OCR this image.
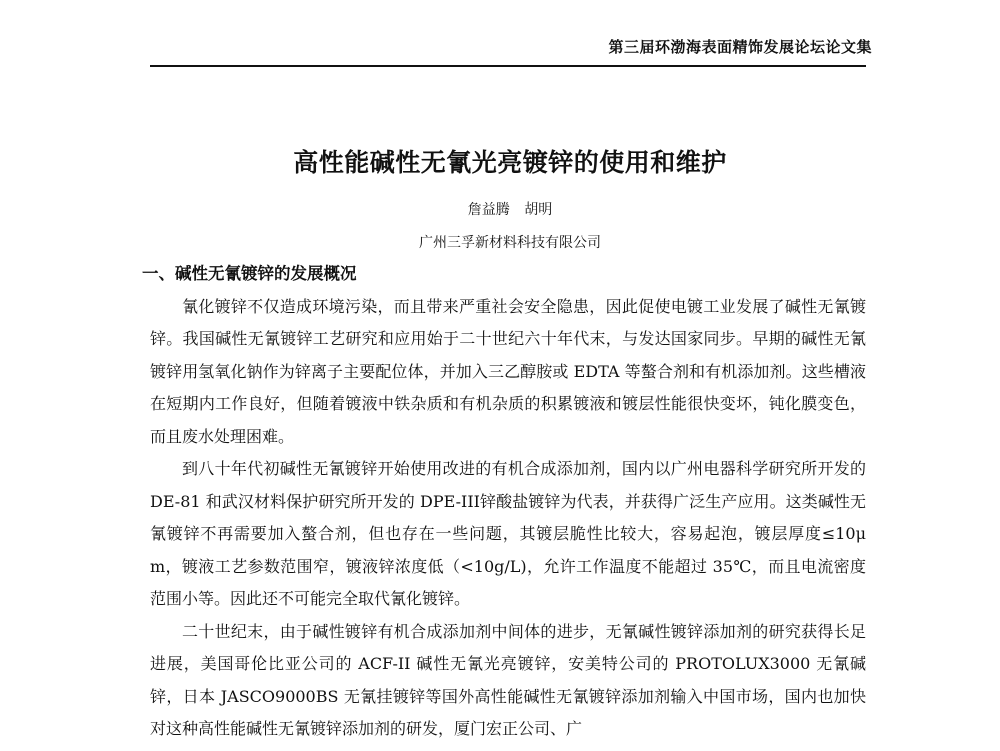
第三届环渤海表面精饰发展论坛论文集
高性能碱性无氰光亮镀锌的使用和维护
詹益腾 胡明
广州三孚新材料科技有限公司
一、碱性无氰镀锌的发展概况

氰化镀锌不仅造成环境污染，而且带来严重社会安全隐患，因此促使电镀工业发展了碱性无氰镀锌。我国碱性无氰镀锌工艺研究和应用始于二十世纪六十年代末，与发达国家同步。早期的碱性无氰镀锌用氢氧化钠作为锌离子主要配位体，并加入三乙醇胺或 EDTA 等螯合剂和有机添加剂。这些槽液在短期内工作良好，但随着镀液中铁杂质和有机杂质的积累镀液和镀层性能很快变坏，钝化膜变色，而且废水处理困难。

到八十年代初碱性无氰镀锌开始使用改进的有机合成添加剂，国内以广州电器科学研究所开发的 DE-81 和武汉材料保护研究所开发的 DPE-III锌酸盐镀锌为代表，并获得广泛生产应用。这类碱性无氰镀锌不再需要加入螯合剂，但也存在一些问题，其镀层脆性比较大，容易起泡，镀层厚度≤10μ m，镀液工艺参数范围窄，镀液锌浓度低（<10g/L)，允许工作温度不能超过 35℃，而且电流密度范围小等。因此还不可能完全取代氰化镀锌。

二十世纪末，由于碱性镀锌有机合成添加剂中间体的进步，无氰碱性镀锌添加剂的研究获得长足进展，美国哥伦比亚公司的 ACF-II 碱性无氰光亮镀锌，安美特公司的 PROTOLUX3000 无氰碱锌，日本 JASCO9000BS 无氰挂镀锌等国外高性能碱性无氰镀锌添加剂输入中国市场，国内也加快对这种高性能碱性无氰镀锌添加剂的研发，厦门宏正公司、广
